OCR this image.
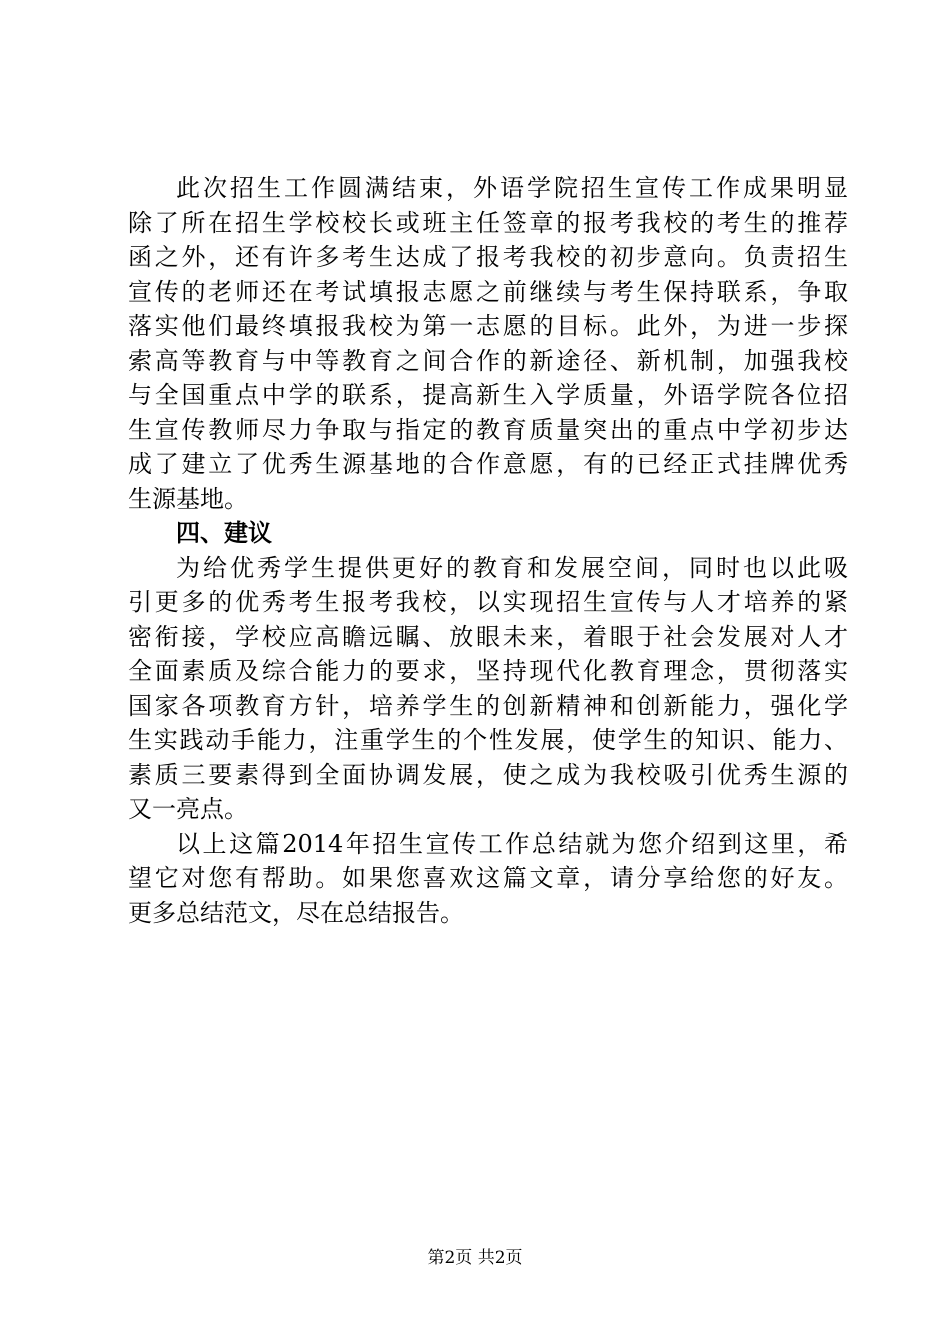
此次招生工作圆满结束，外语学院招生宣传工作成果明显
除了所在招生学校校长或班主任签章的报考我校的考生的推荐
函之外，还有许多考生达成了报考我校的初步意向。负责招生
宣传的老师还在考试填报志愿之前继续与考生保持联系，争取
落实他们最终填报我校为第一志愿的目标。此外，为进一步探
索高等教育与中等教育之间合作的新途径、新机制，加强我校
与全国重点中学的联系，提高新生入学质量，外语学院各位招
生宣传教师尽力争取与指定的教育质量突出的重点中学初步达
成了建立了优秀生源基地的合作意愿，有的已经正式挂牌优秀
生源基地。
四、建议
为给优秀学生提供更好的教育和发展空间，同时也以此吸
引更多的优秀考生报考我校，以实现招生宣传与人才培养的紧
密衔接，学校应高瞻远瞩、放眼未来，着眼于社会发展对人才
全面素质及综合能力的要求，坚持现代化教育理念，贯彻落实
国家各项教育方针，培养学生的创新精神和创新能力，强化学
生实践动手能力，注重学生的个性发展，使学生的知识、能力、
素质三要素得到全面协调发展，使之成为我校吸引优秀生源的
又一亮点。
以上这篇2014年招生宣传工作总结就为您介绍到这里，希
望它对您有帮助。如果您喜欢这篇文章，请分享给您的好友。
更多总结范文，尽在总结报告。
第2页 共2页
